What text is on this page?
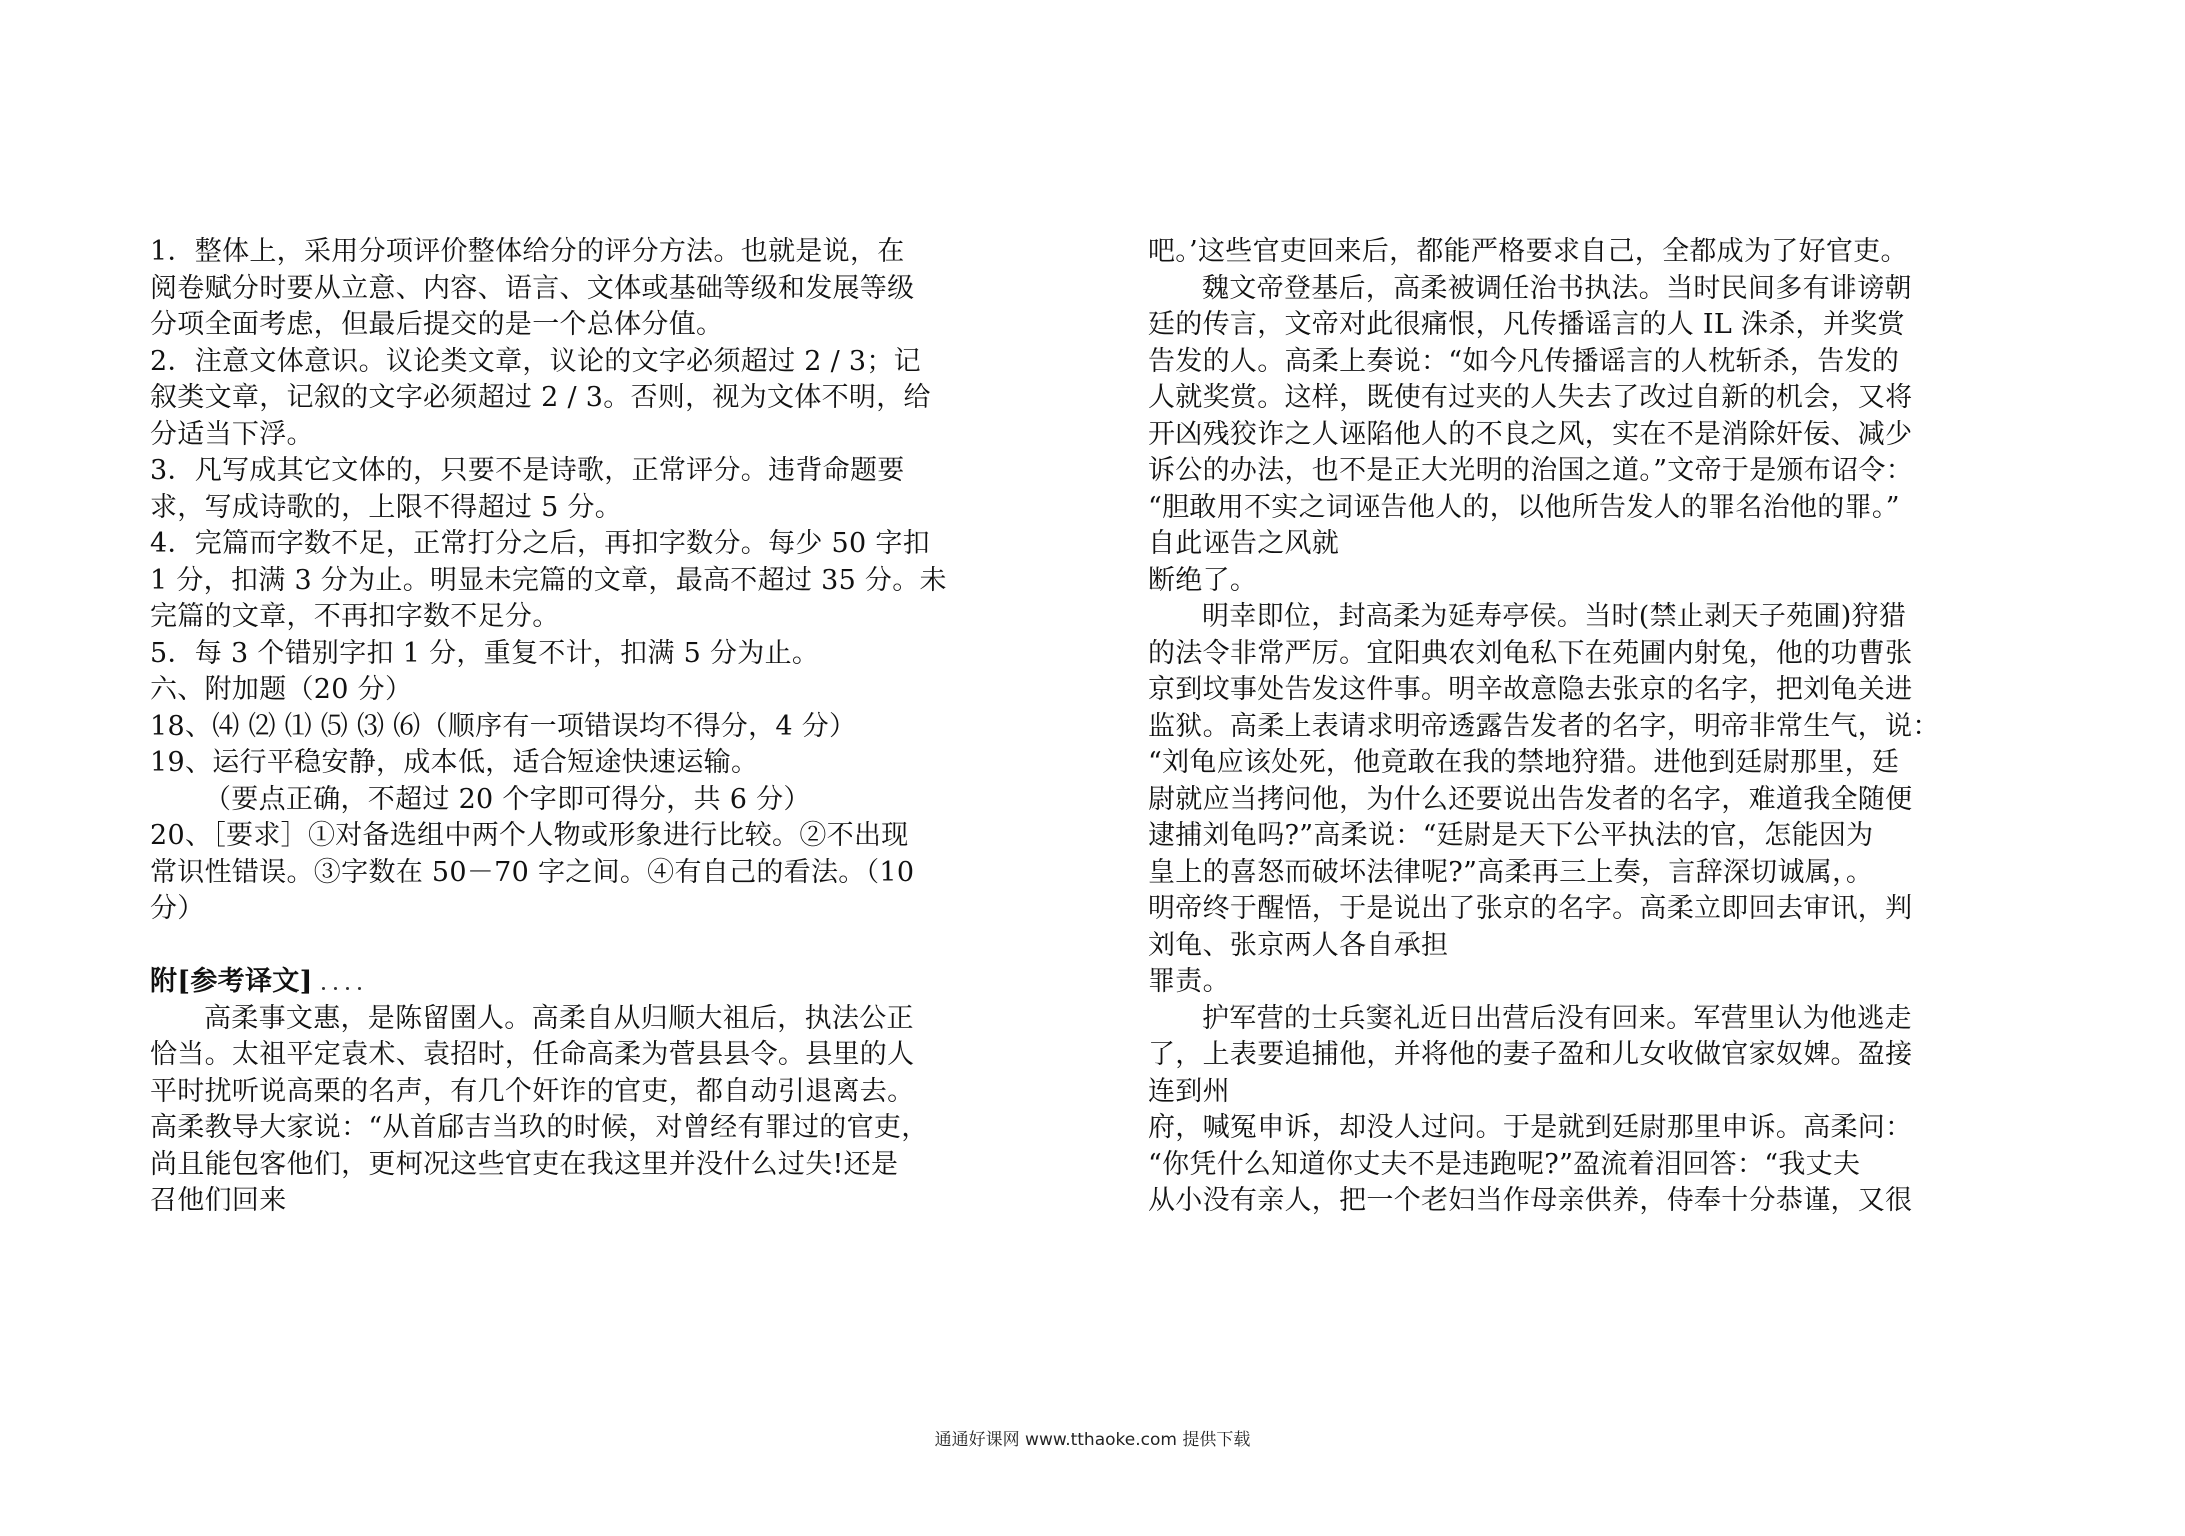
1．整体上，采用分项评价整体给分的评分方法。也就是说，在
阅卷赋分时要从立意、内容、语言、文体或基础等级和发展等级
分项全面考虑，但最后提交的是一个总体分值。
2．注意文体意识。议论类文章，议论的文字必须超过 2 / 3；记
叙类文章，记叙的文字必须超过 2 / 3。否则，视为文体不明，给
分适当下浮。
3．凡写成其它文体的，只要不是诗歌，正常评分。违背命题要
求，写成诗歌的，上限不得超过 5 分。
4．完篇而字数不足，正常打分之后，再扣字数分。每少 50 字扣
1 分，扣满 3 分为止。明显未完篇的文章，最高不超过 35 分。未
完篇的文章，不再扣字数不足分。
5．每 3 个错别字扣 1 分，重复不计，扣满 5 分为止。
六、附加题（20 分）
18、⑷ ⑵ ⑴ ⑸ ⑶ ⑹（顺序有一项错误均不得分，4 分）
19、运行平稳安静，成本低，适合短途快速运输。
（要点正确，不超过 20 个字即可得分，共 6 分）
20、［要求］①对备选组中两个人物或形象进行比较。②不出现
常识性错误。③字数在 50－70 字之间。④有自己的看法。（10
分）
附[参考译文]
高柔事文惠，是陈留圉人。高柔自从归顺大祖后，执法公正
恰当。太祖平定袁术、袁招时，任命高柔为菅县县令。县里的人
平时扰听说高栗的名声，有几个奸诈的官吏，都自动引退离去。
高柔教导大家说：“从首郈吉当玖的时候，对曾经有罪过的官吏，
尚且能包客他们，更柯况这些官吏在我这里并没什么过失!还是
召他们回来
吧。’这些官吏回来后，都能严格要求自己，全都成为了好官吏。
魏文帝登基后，高柔被调任治书执法。当时民间多有诽谤朝
廷的传言，文帝对此很痛恨，凡传播谣言的人 IL 洙杀，并奖赏
告发的人。高柔上奏说：“如今凡传播谣言的人枕斩杀，告发的
人就奖赏。这样，既使有过夹的人失去了改过自新的机会，又将
开凶残狡诈之人诬陷他人的不良之风，实在不是消除奸佞、减少
诉公的办法，也不是正大光明的治国之道。”文帝于是颁布诏令：
“胆敢用不实之词诬告他人的，以他所告发人的罪名治他的罪。”
自此诬告之风就
断绝了。
明幸即位，封高柔为延寿亭侯。当时(禁止剥天子苑圃)狩猎
的法令非常严厉。宜阳典农刘龟私下在苑圃内射兔，他的功曹张
京到坟事处告发这件事。明辛故意隐去张京的名字，把刘龟关进
监狱。高柔上表请求明帝透露告发者的名字，明帝非常生气，说：
“刘龟应该处死，他竟敢在我的禁地狩猎。进他到廷尉那里，廷
尉就应当拷问他，为什么还要说出告发者的名字，难道我全随便
逮捕刘龟吗?”高柔说：“廷尉是天下公平执法的官，怎能因为
皇上的喜怒而破坏法律呢?”高柔再三上奏，言辞深切诚属，。
明帝终于醒悟，于是说出了张京的名字。高柔立即回去审讯，判
刘龟、张京两人各自承担
罪责。
护军营的士兵窦礼近日出营后没有回来。军营里认为他逃走
了，上表要追捕他，并将他的妻子盈和儿女收做官家奴婢。盈接
连到州
府，喊冤申诉，却没人过问。于是就到廷尉那里申诉。高柔问：
“你凭什么知道你丈夫不是违跑呢?”盈流着泪回答：“我丈夫
从小没有亲人，把一个老妇当作母亲供养，侍奉十分恭谨，又很
通通好课网 www.tthaoke.com 提供下载
